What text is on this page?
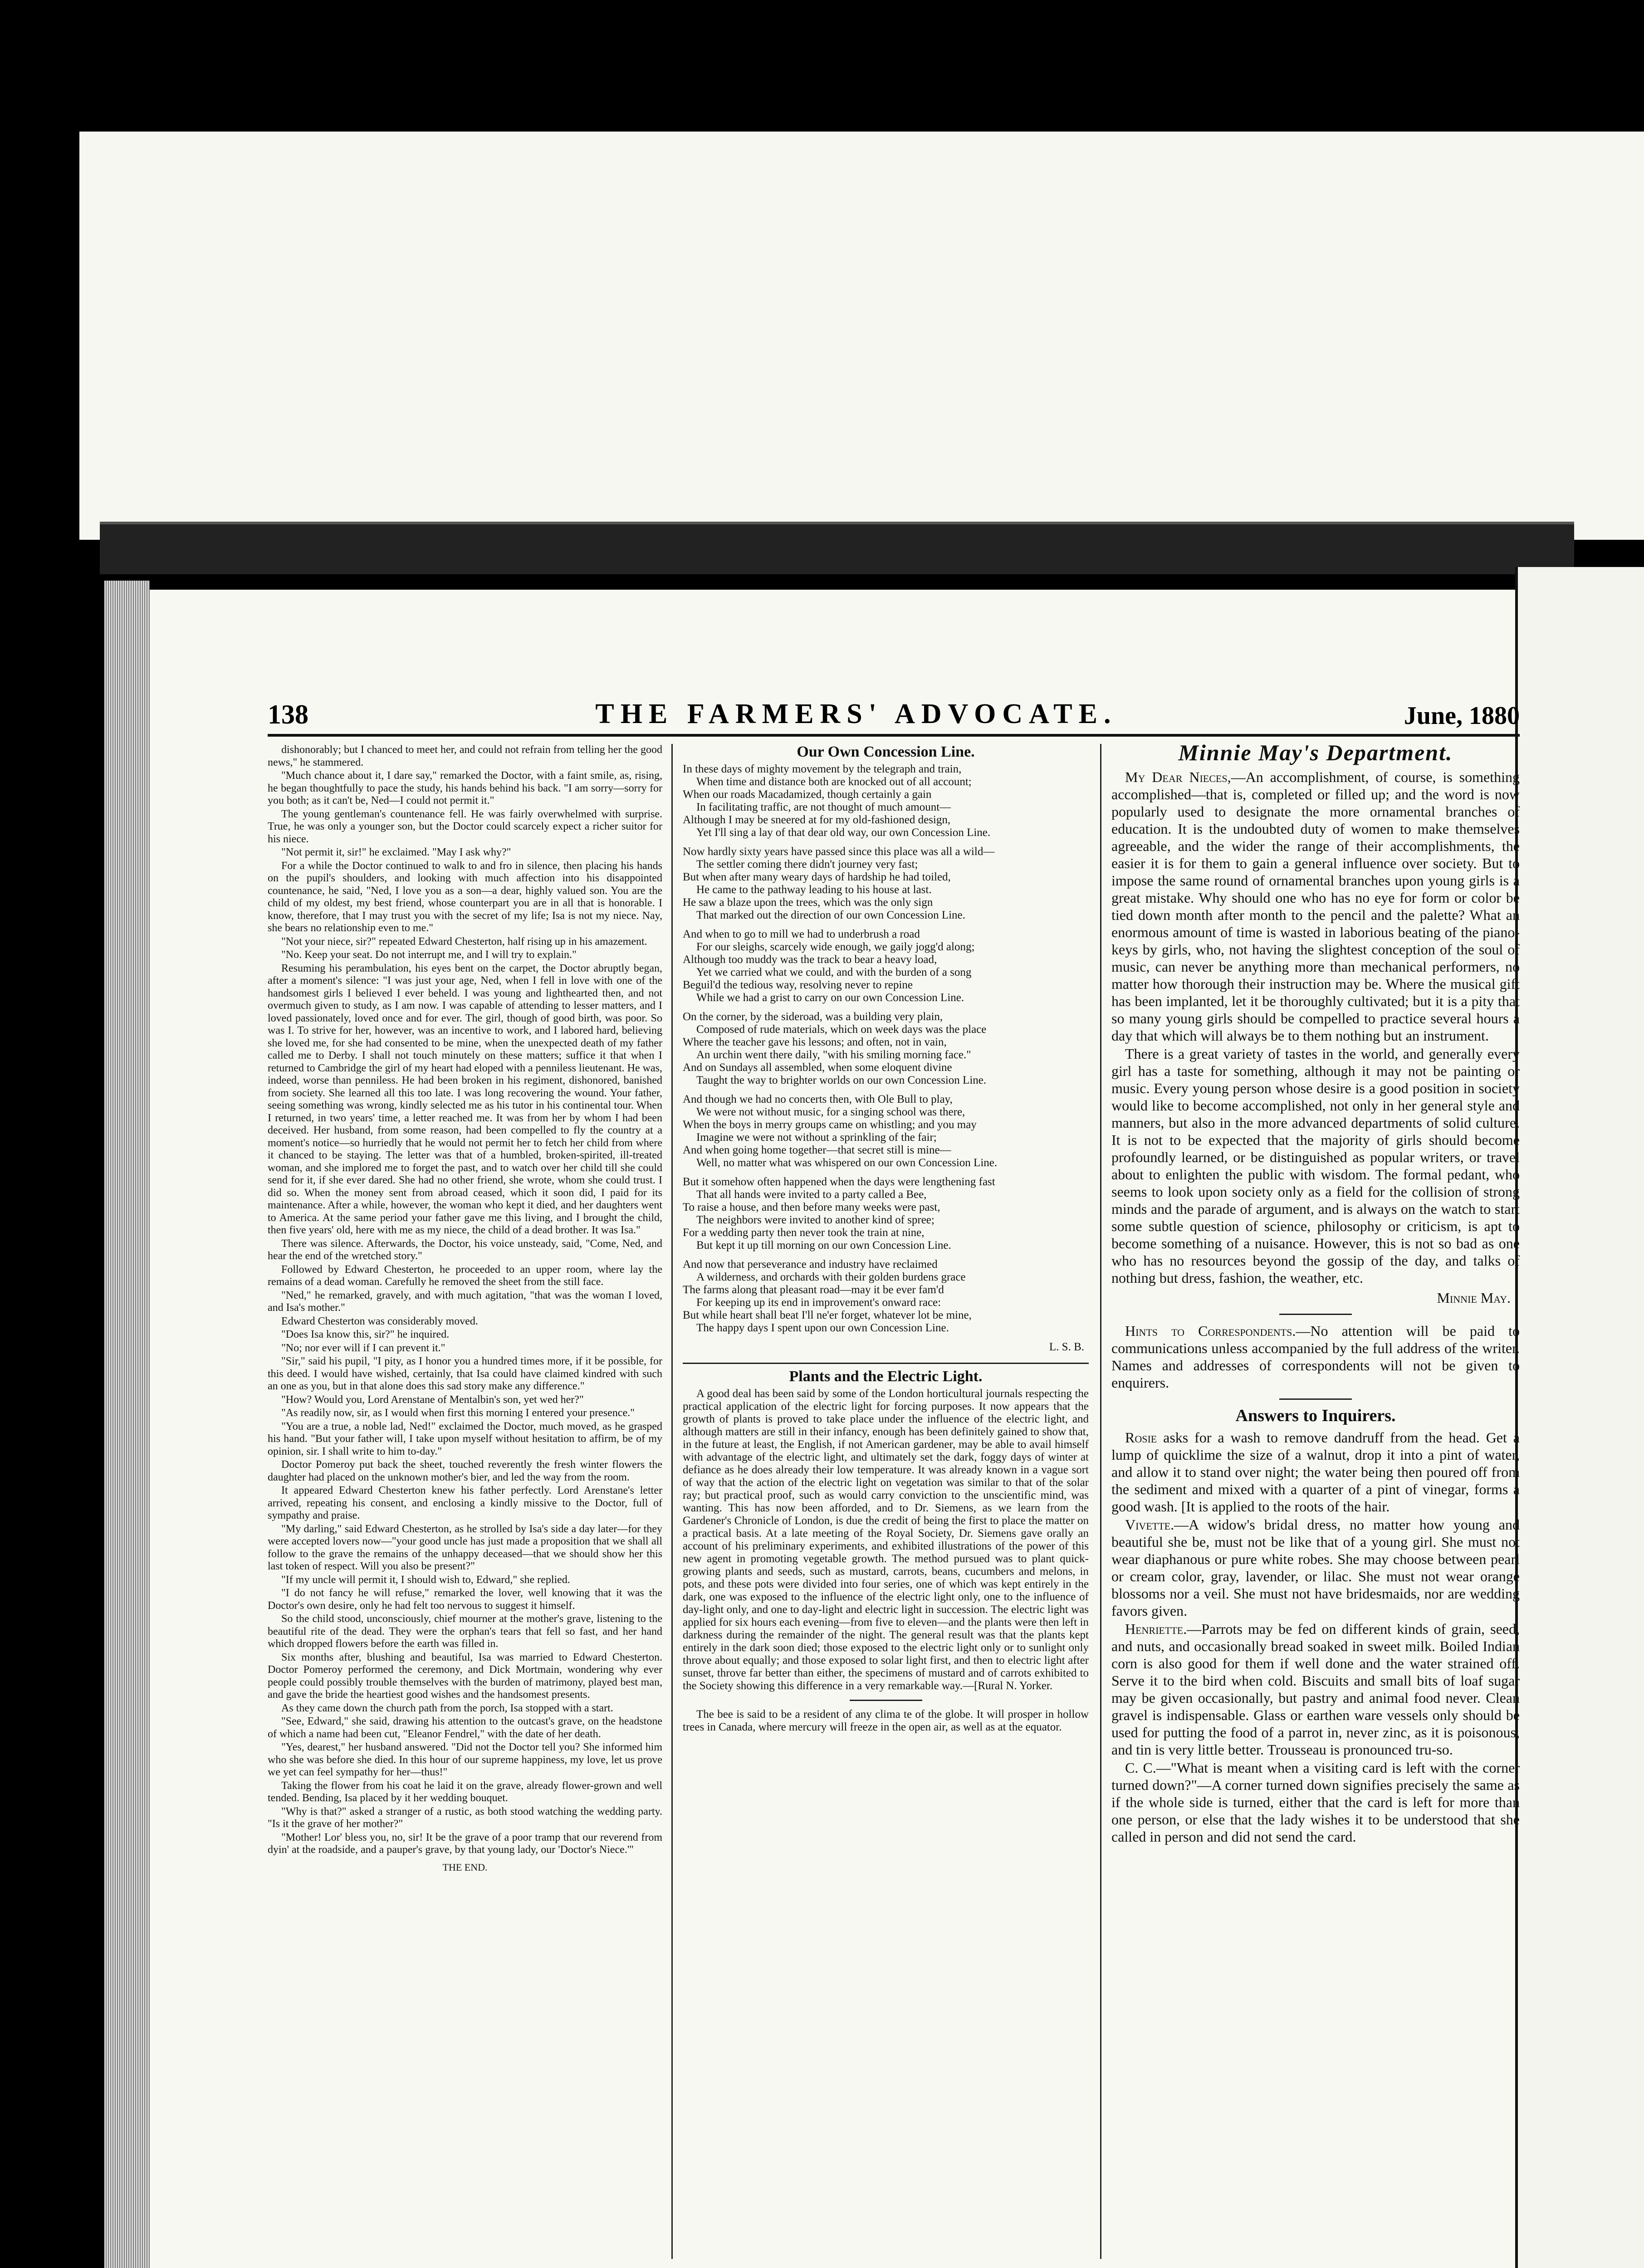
138	THE FARMERS' ADVOCATE.	June, 1880

dishonorably; but I chanced to meet her, and could not refrain from telling her the good news," he stammered.

"Much chance about it, I dare say," remarked the Doctor, with a faint smile, as, rising, he began thoughtfully to pace the study, his hands behind his back. "I am sorry—sorry for you both; as it can't be, Ned—I could not permit it."

The young gentleman's countenance fell. He was fairly overwhelmed with surprise. True, he was only a younger son, but the Doctor could scarcely expect a richer suitor for his niece.

"Not permit it, sir!" he exclaimed. "May I ask why?"

For a while the Doctor continued to walk to and fro in silence, then placing his hands on the pupil's shoulders, and looking with much affection into his disappointed countenance, he said, "Ned, I love you as a son—a dear, highly valued son. You are the child of my oldest, my best friend, whose counterpart you are in all that is honorable. I know, therefore, that I may trust you with the secret of my life; Isa is not my niece. Nay, she bears no relationship even to me."

"Not your niece, sir?" repeated Edward Chesterton, half rising up in his amazement.

"No. Keep your seat. Do not interrupt me, and I will try to explain."

Resuming his perambulation, his eyes bent on the carpet, the Doctor abruptly began, after a moment's silence: "I was just your age, Ned, when I fell in love with one of the handsomest girls I believed I ever beheld. I was young and lighthearted then, and not overmuch given to study, as I am now. I was capable of attending to lesser matters, and I loved passionately, loved once and for ever. The girl, though of good birth, was poor. So was I. To strive for her, however, was an incentive to work, and I labored hard, believing she loved me, for she had consented to be mine, when the unexpected death of my father called me to Derby. I shall not touch minutely on these matters; suffice it that when I returned to Cambridge the girl of my heart had eloped with a penniless lieutenant. He was, indeed, worse than penniless. He had been broken in his regiment, dishonored, banished from society. She learned all this too late. I was long recovering the wound. Your father, seeing something was wrong, kindly selected me as his tutor in his continental tour. When I returned, in two years' time, a letter reached me. It was from her by whom I had been deceived. Her husband, from some reason, had been compelled to fly the country at a moment's notice—so hurriedly that he would not permit her to fetch her child from where it chanced to be staying. The letter was that of a humbled, broken-spirited, ill-treated woman, and she implored me to forget the past, and to watch over her child till she could send for it, if she ever dared. She had no other friend, she wrote, whom she could trust. I did so. When the money sent from abroad ceased, which it soon did, I paid for its maintenance. After a while, however, the woman who kept it died, and her daughters went to America. At the same period your father gave me this living, and I brought the child, then five years' old, here with me as my niece, the child of a dead brother. It was Isa."

There was silence. Afterwards, the Doctor, his voice unsteady, said, "Come, Ned, and hear the end of the wretched story."

Followed by Edward Chesterton, he proceeded to an upper room, where lay the remains of a dead woman. Carefully he removed the sheet from the still face.

"Ned," he remarked, gravely, and with much agitation, "that was the woman I loved, and Isa's mother."

Edward Chesterton was considerably moved.

"Does Isa know this, sir?" he inquired.

"No; nor ever will if I can prevent it."

"Sir," said his pupil, "I pity, as I honor you a hundred times more, if it be possible, for this deed. I would have wished, certainly, that Isa could have claimed kindred with such an one as you, but in that alone does this sad story make any difference."

"How? Would you, Lord Arenstane of Mentalbin's son, yet wed her?"

"As readily now, sir, as I would when first this morning I entered your presence."

"You are a true, a noble lad, Ned!" exclaimed the Doctor, much moved, as he grasped his hand. "But your father will, I take upon myself without hesitation to affirm, be of my opinion, sir. I shall write to him to-day."

Doctor Pomeroy put back the sheet, touched reverently the fresh winter flowers the daughter had placed on the unknown mother's bier, and led the way from the room.

It appeared Edward Chesterton knew his father perfectly. Lord Arenstane's letter arrived, repeating his consent, and enclosing a kindly missive to the Doctor, full of sympathy and praise.

"My darling," said Edward Chesterton, as he strolled by Isa's side a day later—for they were accepted lovers now—"your good uncle has just made a proposition that we shall all follow to the grave the remains of the unhappy deceased—that we should show her this last token of respect. Will you also be present?"

"If my uncle will permit it, I should wish to, Edward," she replied.

"I do not fancy he will refuse," remarked the lover, well knowing that it was the Doctor's own desire, only he had felt too nervous to suggest it himself.

So the child stood, unconsciously, chief mourner at the mother's grave, listening to the beautiful rite of the dead. They were the orphan's tears that fell so fast, and her hand which dropped flowers before the earth was filled in.

Six months after, blushing and beautiful, Isa was married to Edward Chesterton. Doctor Pomeroy performed the ceremony, and Dick Mortmain, wondering why ever people could possibly trouble themselves with the burden of matrimony, played best man, and gave the bride the heartiest good wishes and the handsomest presents.

As they came down the church path from the porch, Isa stopped with a start.

"See, Edward," she said, drawing his attention to the outcast's grave, on the headstone of which a name had been cut, "Eleanor Fendrel," with the date of her death.

"Yes, dearest," her husband answered. "Did not the Doctor tell you? She informed him who she was before she died. In this hour of our supreme happiness, my love, let us prove we yet can feel sympathy for her—thus!"

Taking the flower from his coat he laid it on the grave, already flower-grown and well tended. Bending, Isa placed by it her wedding bouquet.

"Why is that?" asked a stranger of a rustic, as both stood watching the wedding party. "Is it the grave of her mother?"

"Mother! Lor' bless you, no, sir! It be the grave of a poor tramp that our reverend from dyin' at the roadside, and a pauper's grave, by that young lady, our 'Doctor's Niece.'"

THE END.
Our Own Concession Line.
In these days of mighty movement by the telegraph and train,
When time and distance both are knocked out of all account;
When our roads Macadamized, though certainly a gain
In facilitating traffic, are not thought of much amount—
Although I may be sneered at for my old-fashioned design,
Yet I'll sing a lay of that dear old way, our own Concession Line.
Now hardly sixty years have passed since this place was all a wild—
The settler coming there didn't journey very fast;
But when after many weary days of hardship he had toiled,
He came to the pathway leading to his house at last.
He saw a blaze upon the trees, which was the only sign
That marked out the direction of our own Concession Line.
And when to go to mill we had to underbrush a road
For our sleighs, scarcely wide enough, we gaily jogg'd along;
Although too muddy was the track to bear a heavy load,
Yet we carried what we could, and with the burden of a song
Beguil'd the tedious way, resolving never to repine
While we had a grist to carry on our own Concession Line.
On the corner, by the sideroad, was a building very plain,
Composed of rude materials, which on week days was the place
Where the teacher gave his lessons; and often, not in vain,
An urchin went there daily, "with his smiling morning face."
And on Sundays all assembled, when some eloquent divine
Taught the way to brighter worlds on our own Concession Line.
And though we had no concerts then, with Ole Bull to play,
We were not without music, for a singing school was there,
When the boys in merry groups came on whistling; and you may
Imagine we were not without a sprinkling of the fair;
And when going home together—that secret still is mine—
Well, no matter what was whispered on our own Concession Line.
But it somehow often happened when the days were lengthening fast
That all hands were invited to a party called a Bee,
To raise a house, and then before many weeks were past,
The neighbors were invited to another kind of spree;
For a wedding party then never took the train at nine,
But kept it up till morning on our own Concession Line.
And now that perseverance and industry have reclaimed
A wilderness, and orchards with their golden burdens grace
The farms along that pleasant road—may it be ever fam'd
For keeping up its end in improvement's onward race:
But while heart shall beat I'll ne'er forget, whatever lot be mine,
The happy days I spent upon our own Concession Line.
L. S. B.
Plants and the Electric Light.

A good deal has been said by some of the London horticultural journals respecting the practical application of the electric light for forcing purposes. It now appears that the growth of plants is proved to take place under the influence of the electric light, and although matters are still in their infancy, enough has been definitely gained to show that, in the future at least, the English, if not American gardener, may be able to avail himself with advantage of the electric light, and ultimately set the dark, foggy days of winter at defiance as he does already their low temperature. It was already known in a vague sort of way that the action of the electric light on vegetation was similar to that of the solar ray; but practical proof, such as would carry conviction to the unscientific mind, was wanting. This has now been afforded, and to Dr. Siemens, as we learn from the Gardener's Chronicle of London, is due the credit of being the first to place the matter on a practical basis. At a late meeting of the Royal Society, Dr. Siemens gave orally an account of his preliminary experiments, and exhibited illustrations of the power of this new agent in promoting vegetable growth. The method pursued was to plant quick-growing plants and seeds, such as mustard, carrots, beans, cucumbers and melons, in pots, and these pots were divided into four series, one of which was kept entirely in the dark, one was exposed to the influence of the electric light only, one to the influence of day-light only, and one to day-light and electric light in succession. The electric light was applied for six hours each evening—from five to eleven—and the plants were then left in darkness during the remainder of the night. The general result was that the plants kept entirely in the dark soon died; those exposed to the electric light only or to sunlight only throve about equally; and those exposed to solar light first, and then to electric light after sunset, throve far better than either, the specimens of mustard and of carrots exhibited to the Society showing this difference in a very remarkable way.—[Rural N. Yorker.

The bee is said to be a resident of any clima te of the globe. It will prosper in hollow trees in Canada, where mercury will freeze in the open air, as well as at the equator.

Minnie May's Department.

My Dear Nieces,—An accomplishment, of course, is something accomplished—that is, completed or filled up; and the word is now popularly used to designate the more ornamental branches of education. It is the undoubted duty of women to make themselves agreeable, and the wider the range of their accomplishments, the easier it is for them to gain a general influence over society. But to impose the same round of ornamental branches upon young girls is a great mistake. Why should one who has no eye for form or color be tied down month after month to the pencil and the palette? What an enormous amount of time is wasted in laborious beating of the piano-keys by girls, who, not having the slightest conception of the soul of music, can never be anything more than mechanical performers, no matter how thorough their instruction may be. Where the musical gift has been implanted, let it be thoroughly cultivated; but it is a pity that so many young girls should be compelled to practice several hours a day that which will always be to them nothing but an instrument.

There is a great variety of tastes in the world, and generally every girl has a taste for something, although it may not be painting or music. Every young person whose desire is a good position in society would like to become accomplished, not only in her general style and manners, but also in the more advanced departments of solid culture. It is not to be expected that the majority of girls should become profoundly learned, or be distinguished as popular writers, or travel about to enlighten the public with wisdom. The formal pedant, who seems to look upon society only as a field for the collision of strong minds and the parade of argument, and is always on the watch to start some subtle question of science, philosophy or criticism, is apt to become something of a nuisance. However, this is not so bad as one who has no resources beyond the gossip of the day, and talks of nothing but dress, fashion, the weather, etc.

Minnie May.

Hints to Correspondents.—No attention will be paid to communications unless accompanied by the full address of the writer. Names and addresses of correspondents will not be given to enquirers.

Answers to Inquirers.

Rosie asks for a wash to remove dandruff from the head. Get a lump of quicklime the size of a walnut, drop it into a pint of water, and allow it to stand over night; the water being then poured off from the sediment and mixed with a quarter of a pint of vinegar, forms a good wash. [It is applied to the roots of the hair.

Vivette.—A widow's bridal dress, no matter how young and beautiful she be, must not be like that of a young girl. She must not wear diaphanous or pure white robes. She may choose between pearl or cream color, gray, lavender, or lilac. She must not wear orange blossoms nor a veil. She must not have bridesmaids, nor are wedding favors given.

Henriette.—Parrots may be fed on different kinds of grain, seed, and nuts, and occasionally bread soaked in sweet milk. Boiled Indian corn is also good for them if well done and the water strained off. Serve it to the bird when cold. Biscuits and small bits of loaf sugar may be given occasionally, but pastry and animal food never. Clean gravel is indispensable. Glass or earthen ware vessels only should be used for putting the food of a parrot in, never zinc, as it is poisonous, and tin is very little better. Trousseau is pronounced tru-so.

C. C.—"What is meant when a visiting card is left with the corner turned down?"—A corner turned down signifies precisely the same as if the whole side is turned, either that the card is left for more than one person, or else that the lady wishes it to be understood that she called in person and did not send the card.
